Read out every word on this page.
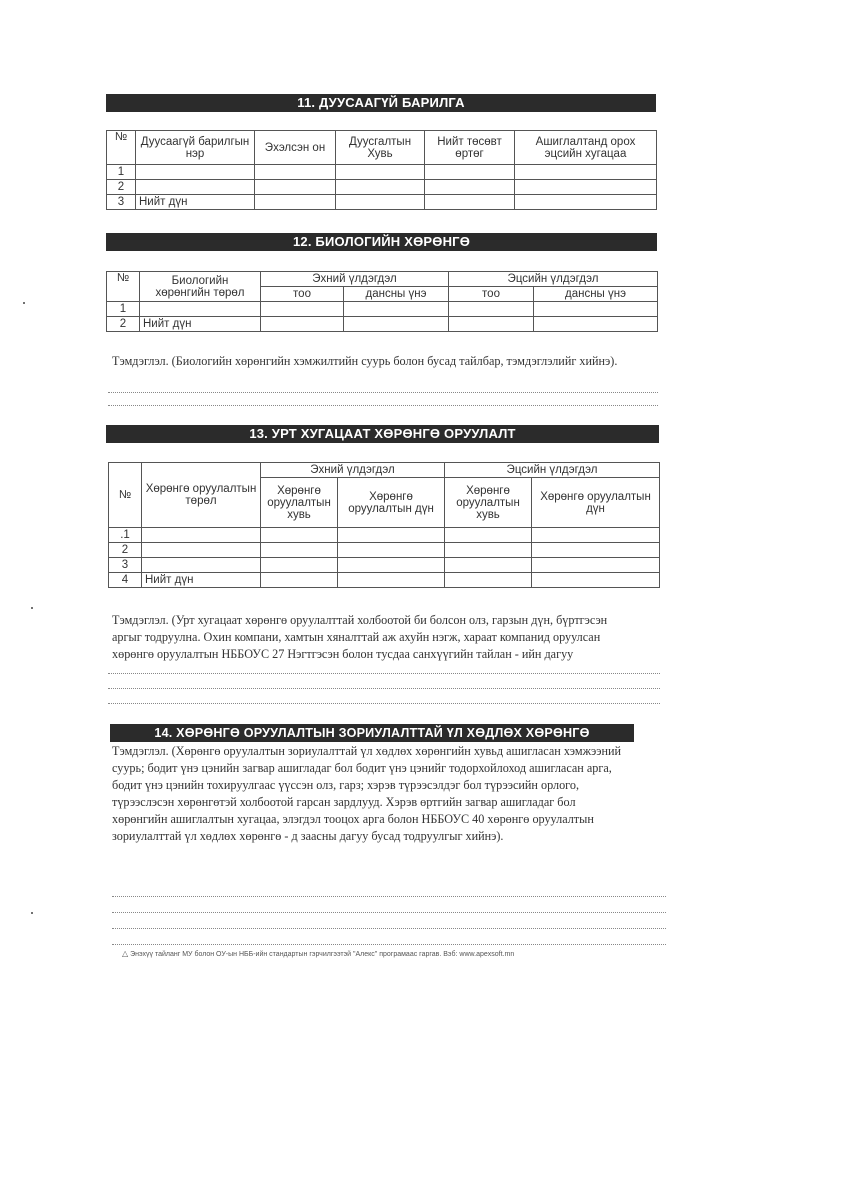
11. ДУУСААГҮЙ БАРИЛГА
№	Дуусаагүй барилгын нэр	Эхэлсэн он	Дуусгалтын Хувь	Нийт төсөвт өртөг	Ашиглалтанд орох эцсийн хугацаа
1					
2					
3	Нийт дүн				
12. БИОЛОГИЙН ХӨРӨНГӨ
№	Биологийн хөрөнгийн төрөл	Эхний үлдэгдэл		Эцсийн үлдэгдэл	
		тоо	дансны үнэ	тоо	дансны үнэ
1					
2	Нийт дүн				
Тэмдэглэл. (Биологийн хөрөнгийн хэмжилтийн суурь болон бусад тайлбар, тэмдэглэлийг хийнэ).
13. УРТ ХУГАЦААТ ХӨРӨНГӨ ОРУУЛАЛТ
№	Хөрөнгө оруулалтын төрөл	Эхний үлдэгдэл		Эцсийн үлдэгдэл	
		Хөрөнгө оруулалтын хувь	Хөрөнгө оруулалтын дүн	Хөрөнгө оруулалтын хувь	Хөрөнгө оруулалтын дүн
.1					
2					
3					
4	Нийт дүн				
Тэмдэглэл. (Урт хугацаат хөрөнгө оруулалттай холбоотой би болсон олз, гарзын дүн, бүртгэсэн
аргыг тодруулна. Охин компани, хамтын хяналттай аж ахуйн нэгж, хараат компанид оруулсан
хөрөнгө оруулалтын НББОУС 27 Нэгтгэсэн болон тусдаа санхүүгийн тайлан - ийн дагуу
14. ХӨРӨНГӨ ОРУУЛАЛТЫН ЗОРИУЛАЛТТАЙ ҮЛ ХӨДЛӨХ ХӨРӨНГӨ
Тэмдэглэл. (Хөрөнгө оруулалтын зориулалттай үл хөдлөх хөрөнгийн хувьд ашигласан хэмжээний
суурь; бодит үнэ цэнийн загвар ашигладаг бол бодит үнэ цэнийг тодорхойлоход ашигласан арга,
бодит үнэ цэнийн тохируулгаас үүссэн олз, гарз; хэрэв түрээсэлдэг бол түрээсийн орлого,
түрээслэсэн хөрөнгөтэй холбоотой гарсан зардлууд. Хэрэв өртгийн загвар ашигладаг бол
хөрөнгийн ашиглалтын хугацаа, элэгдэл тооцох арга болон НББОУС 40 хөрөнгө оруулалтын
зориулалттай үл хөдлөх хөрөнгө - д заасны дагуу бусад тодруулгыг хийнэ).
△ Энэхүү тайланг МУ болон ОУ-ын НББ-ийн стандартын гэрчилгээтэй "Алекс" програмаас гаргав. Вэб: www.apexsoft.mn
